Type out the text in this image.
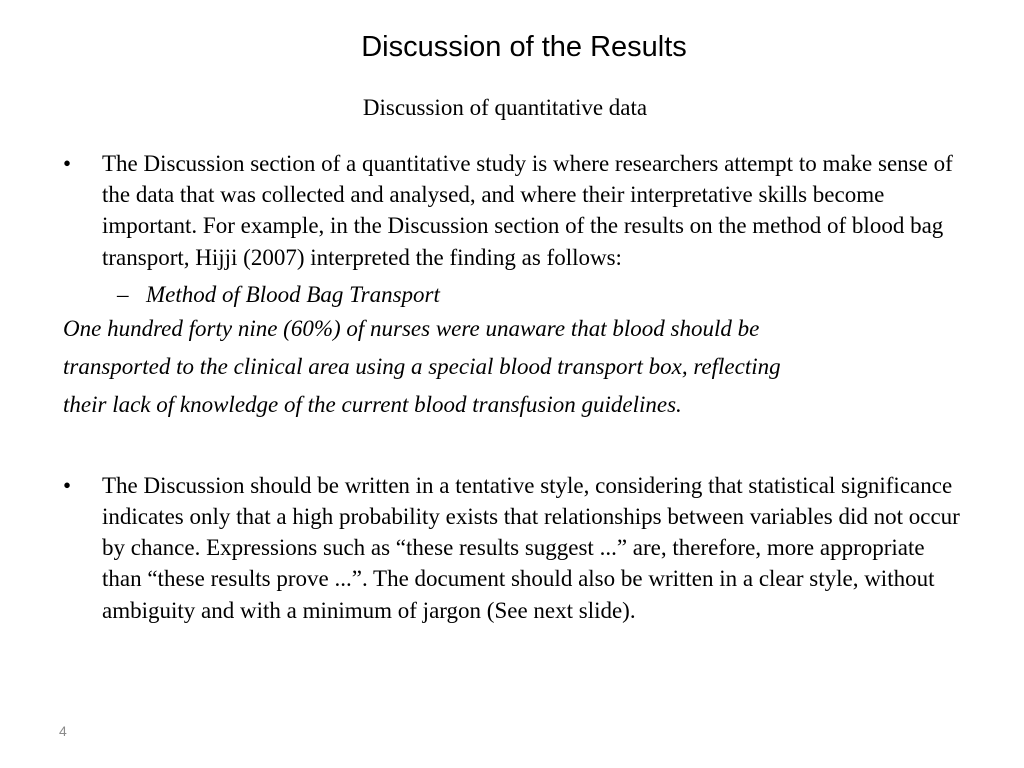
Discussion of the Results
Discussion of quantitative data
•	The Discussion section of a quantitative study is where researchers attempt to make sense of the data that was collected and analysed, and where their interpretative skills become important. For example, in the Discussion section of the results on the method of blood bag transport, Hijji (2007) interpreted the finding as follows:
– Method of Blood Bag Transport
One hundred forty nine (60%) of nurses were unaware that blood should be
transported to the clinical area using a special blood transport box, reflecting
their lack of knowledge of the current blood transfusion guidelines.
•	The Discussion should be written in a tentative style, considering that statistical significance indicates only that a high probability exists that relationships between variables did not occur by chance. Expressions such as “these results suggest ...” are, therefore, more appropriate than “these results prove ...”. The document should also be written in a clear style, without ambiguity and with a minimum of jargon (See next slide).
4
